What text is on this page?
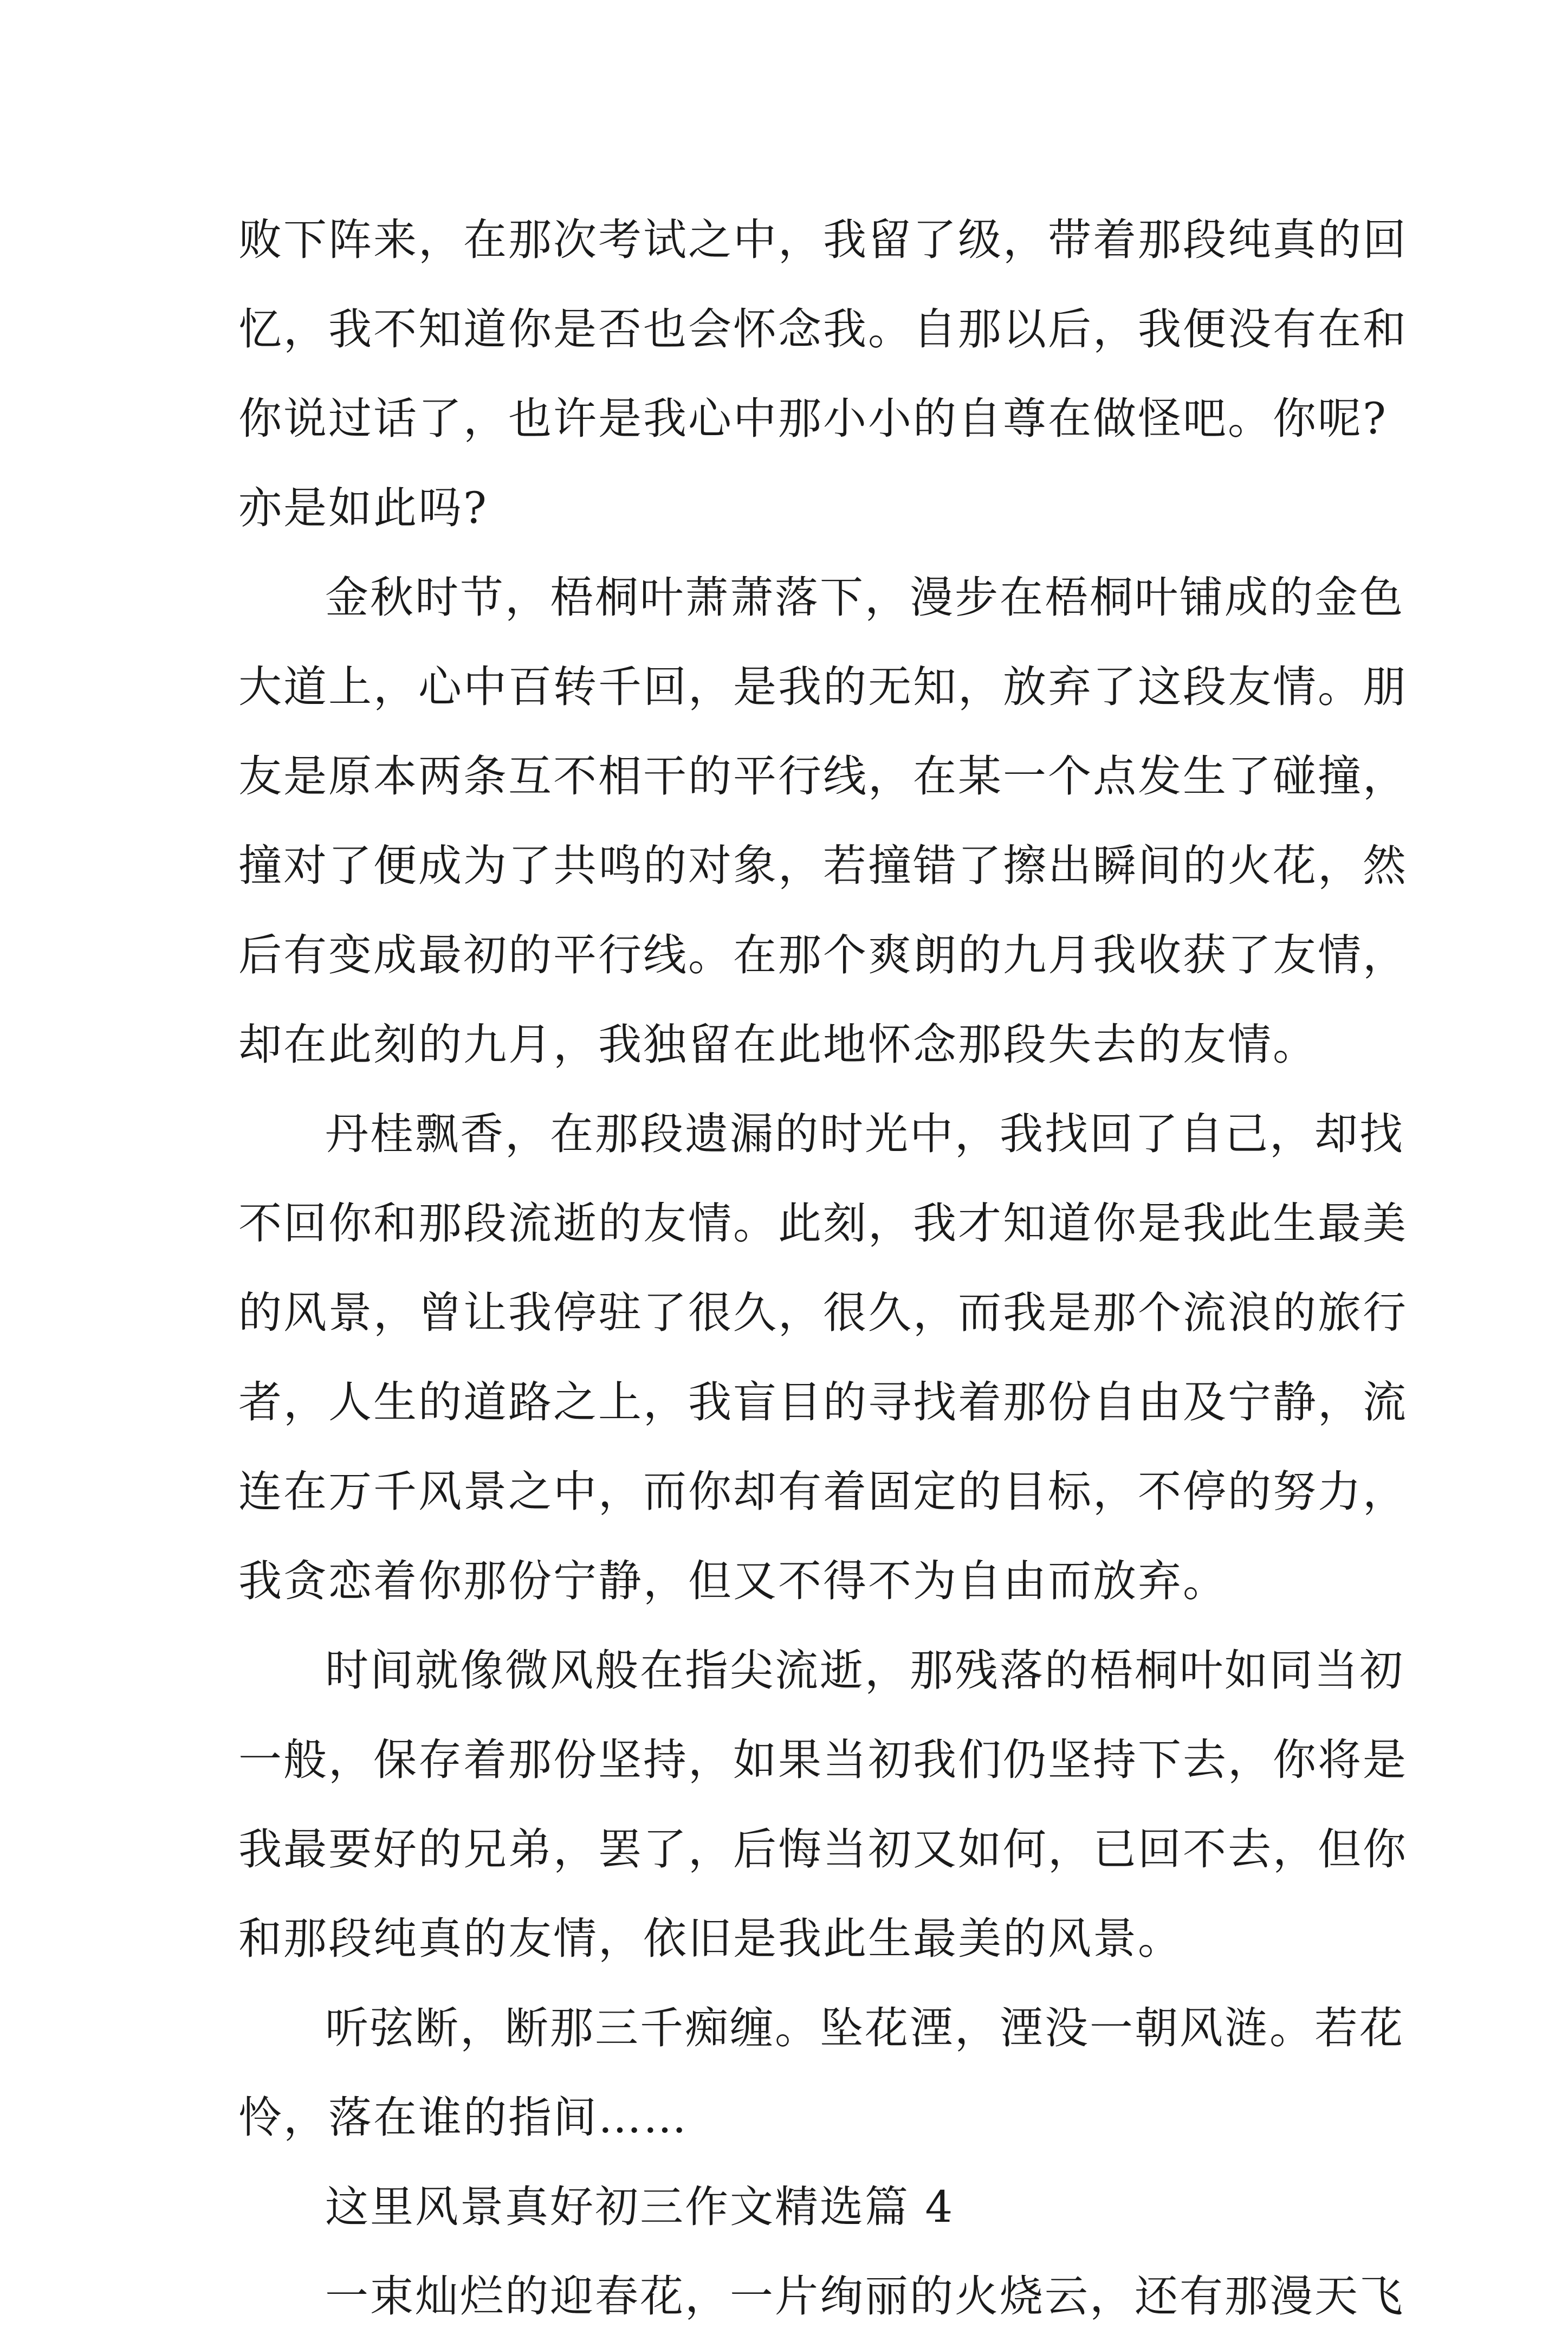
败下阵来，在那次考试之中，我留了级，带着那段纯真的回
忆，我不知道你是否也会怀念我。自那以后，我便没有在和
你说过话了，也许是我心中那小小的自尊在做怪吧。你呢?
亦是如此吗?
金秋时节，梧桐叶萧萧落下，漫步在梧桐叶铺成的金色
大道上，心中百转千回，是我的无知，放弃了这段友情。朋
友是原本两条互不相干的平行线，在某一个点发生了碰撞，
撞对了便成为了共鸣的对象，若撞错了擦出瞬间的火花，然
后有变成最初的平行线。在那个爽朗的九月我收获了友情，
却在此刻的九月，我独留在此地怀念那段失去的友情。
丹桂飘香，在那段遗漏的时光中，我找回了自己，却找
不回你和那段流逝的友情。此刻，我才知道你是我此生最美
的风景，曾让我停驻了很久，很久，而我是那个流浪的旅行
者，人生的道路之上，我盲目的寻找着那份自由及宁静，流
连在万千风景之中，而你却有着固定的目标，不停的努力，
我贪恋着你那份宁静，但又不得不为自由而放弃。
时间就像微风般在指尖流逝，那残落的梧桐叶如同当初
一般，保存着那份坚持，如果当初我们仍坚持下去，你将是
我最要好的兄弟，罢了，后悔当初又如何，已回不去，但你
和那段纯真的友情，依旧是我此生最美的风景。
听弦断，断那三千痴缠。坠花湮，湮没一朝风涟。若花
怜，落在谁的指间……
这里风景真好初三作文精选篇 4
一束灿烂的迎春花，一片绚丽的火烧云，还有那漫天飞
